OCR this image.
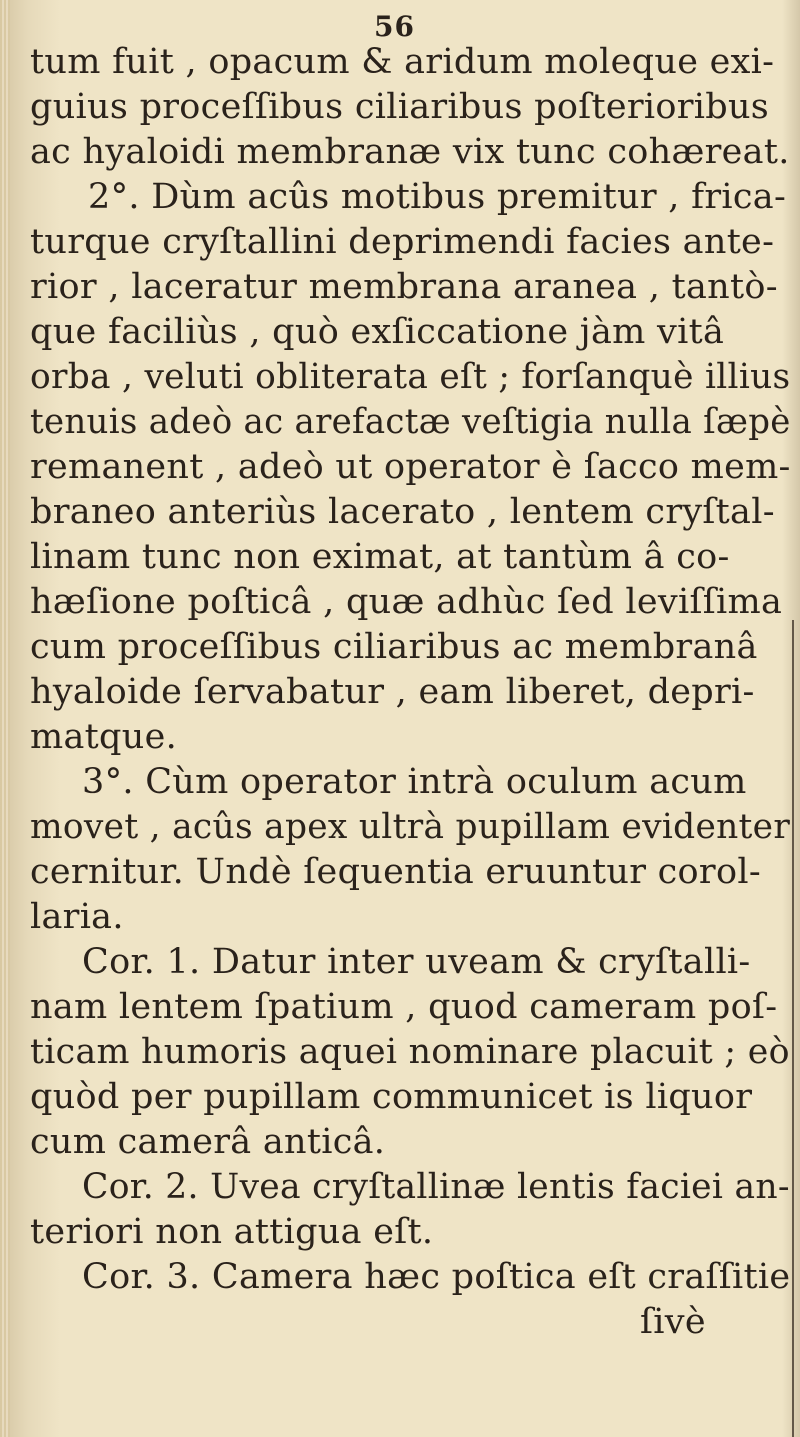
56
tum fuit , opacum & aridum moleque exi-
guius proceſſibus ciliaribus poſterioribus
ac hyaloidi membranæ vix tunc cohæreat.
2°. Dùm acûs motibus premitur , frica-
turque cryſtallini deprimendi facies ante-
rior , laceratur membrana aranea , tantò-
que faciliùs , quò exſiccatione jàm vitâ
orba , veluti obliterata eſt ; forſanquè illius
tenuis adeò ac arefactæ veſtigia nulla ſæpè
remanent , adeò ut operator è ſacco mem-
braneo anteriùs lacerato , lentem cryſtal-
linam tunc non eximat, at tantùm â co-
hæſione poſticâ , quæ adhùc ſed leviſſima
cum proceſſibus ciliaribus ac membranâ
hyaloide ſervabatur , eam liberet, depri-
matque.
3°. Cùm operator intrà oculum acum
movet , acûs apex ultrà pupillam evidenter
cernitur. Undè ſequentia eruuntur corol-
laria.
Cor. 1. Datur inter uveam & cryſtalli-
nam lentem ſpatium , quod cameram poſ-
ticam humoris aquei nominare placuit ; eò
quòd per pupillam communicet is liquor
cum camerâ anticâ.
Cor. 2. Uvea cryſtallinæ lentis faciei an-
teriori non attigua eſt.
Cor. 3. Camera hæc poſtica eſt craſſitie
ſivè
